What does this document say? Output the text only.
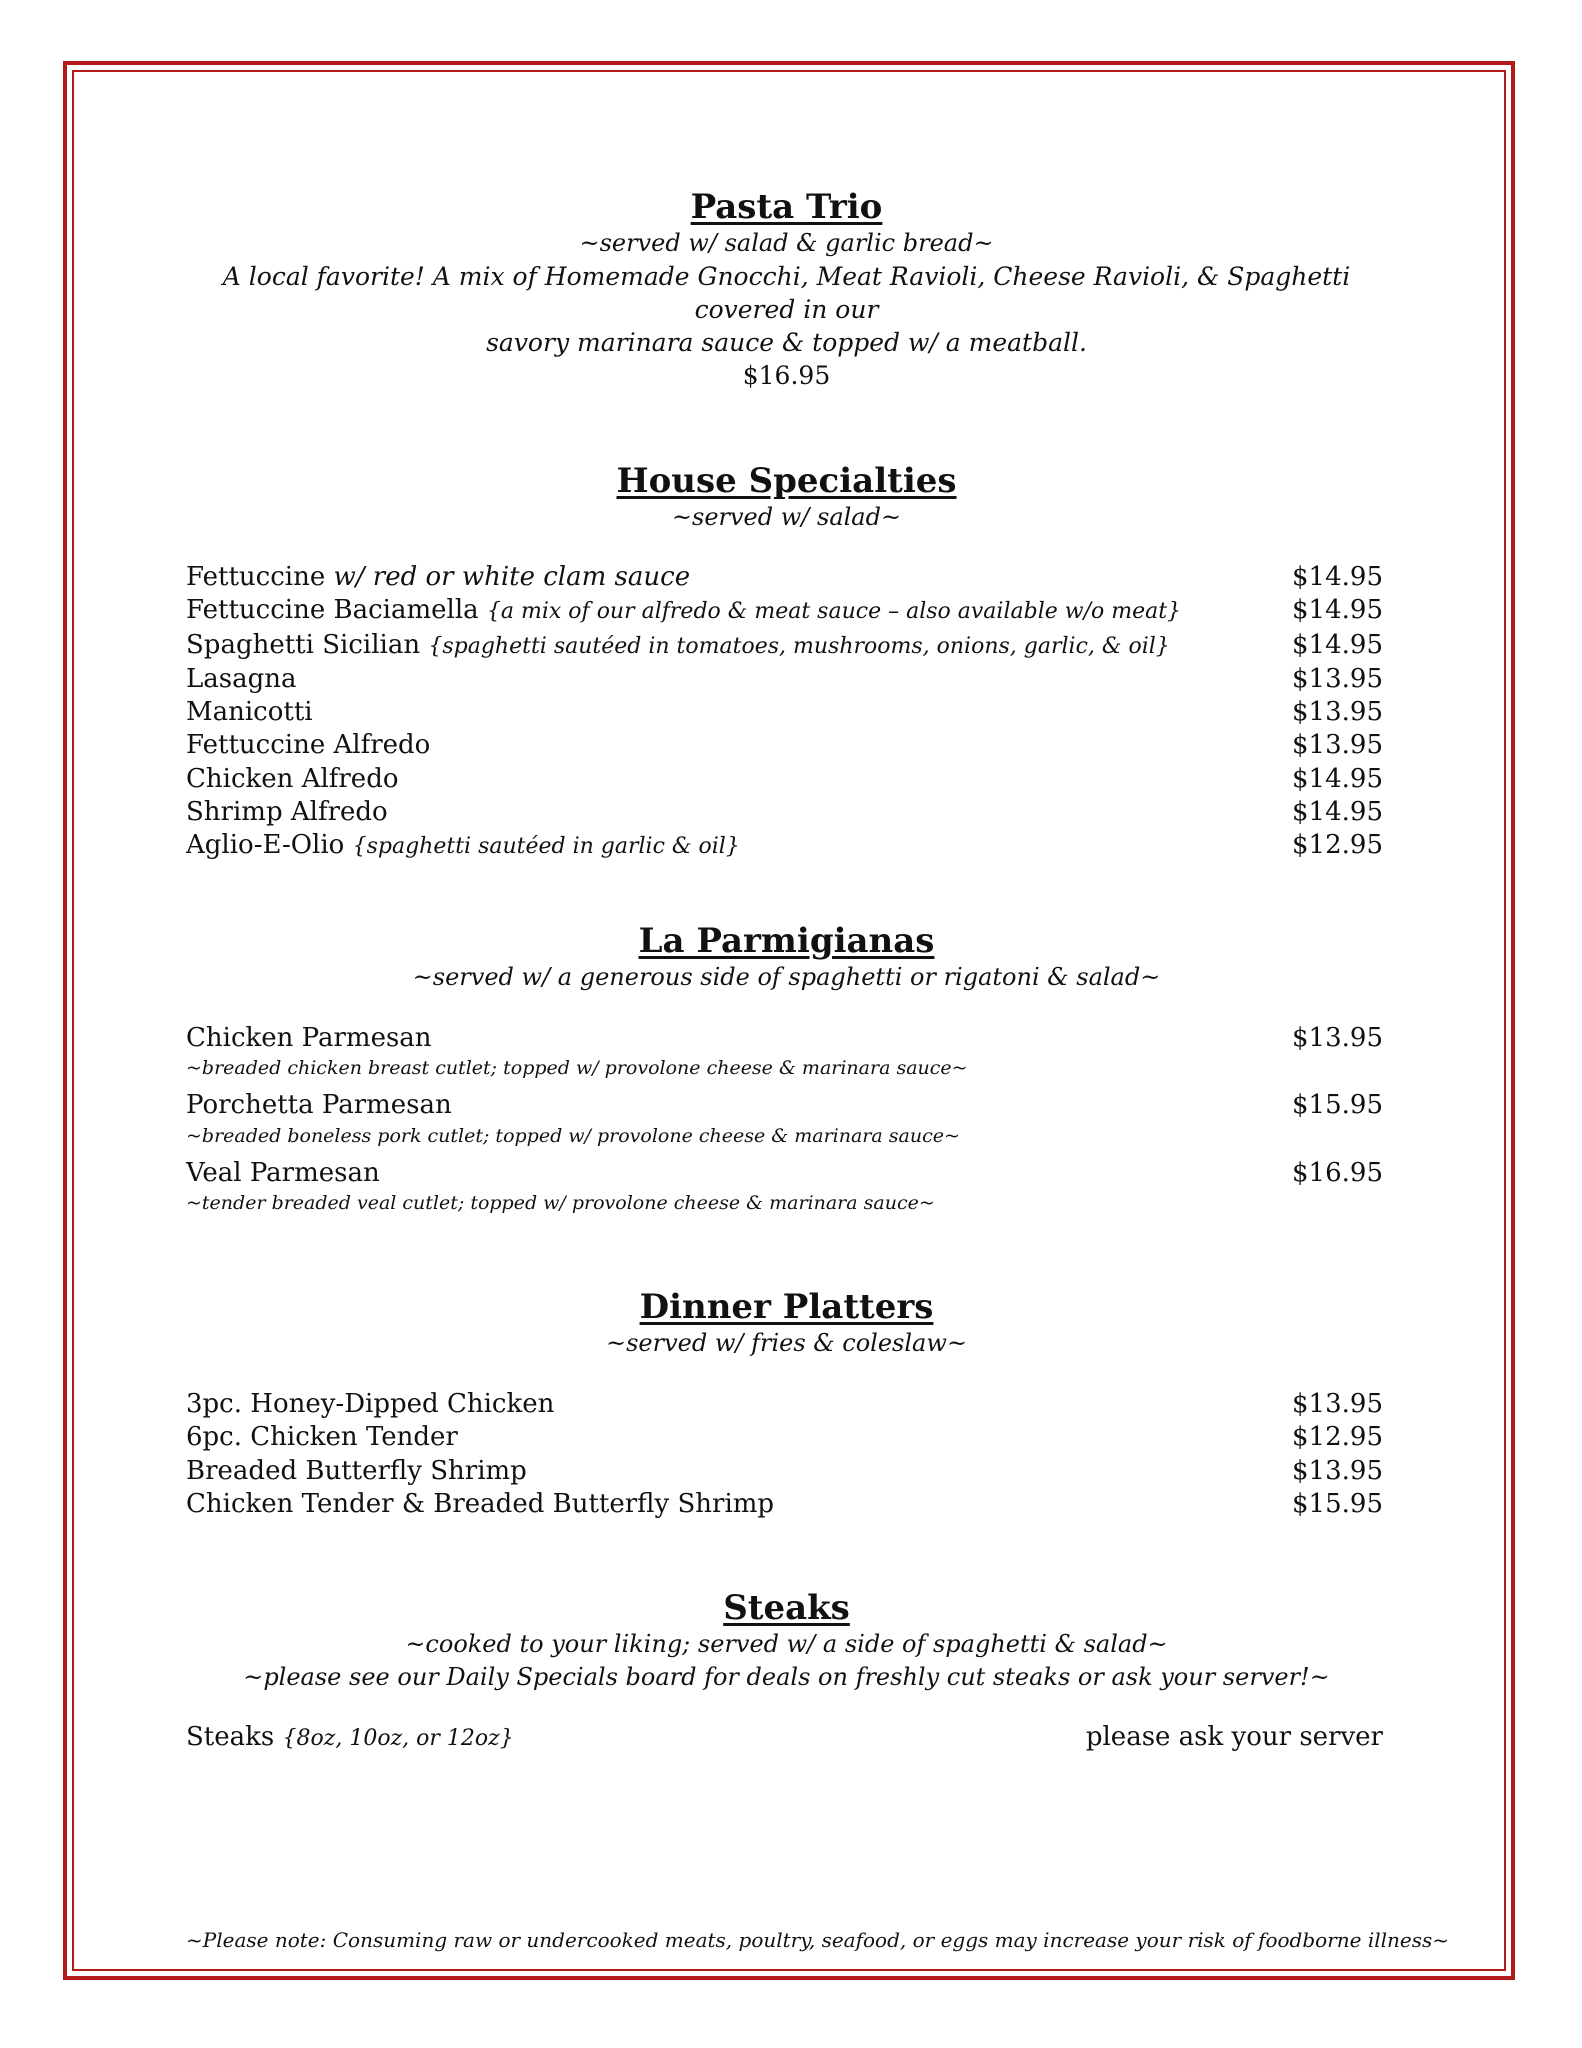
Pasta Trio
~served w/ salad & garlic bread~
A local favorite! A mix of Homemade Gnocchi, Meat Ravioli, Cheese Ravioli, & Spaghetti covered in our
savory marinara sauce & topped w/ a meatball.
$16.95
House Specialties
~served w/ salad~
Fettuccine w/ red or white clam sauce	$14.95
Fettuccine Baciamella {a mix of our alfredo & meat sauce – also available w/o meat}	$14.95
Spaghetti Sicilian {spaghetti sautéed in tomatoes, mushrooms, onions, garlic, & oil}	$14.95
Lasagna	$13.95
Manicotti	$13.95
Fettuccine Alfredo	$13.95
Chicken Alfredo	$14.95
Shrimp Alfredo	$14.95
Aglio-E-Olio {spaghetti sautéed in garlic & oil}	$12.95
La Parmigianas
~served w/ a generous side of spaghetti or rigatoni & salad~
Chicken Parmesan	$13.95
~breaded chicken breast cutlet; topped w/ provolone cheese & marinara sauce~
Porchetta Parmesan	$15.95
~breaded boneless pork cutlet; topped w/ provolone cheese & marinara sauce~
Veal Parmesan	$16.95
~tender breaded veal cutlet; topped w/ provolone cheese & marinara sauce~
Dinner Platters
~served w/ fries & coleslaw~
3pc. Honey-Dipped Chicken	$13.95
6pc. Chicken Tender	$12.95
Breaded Butterfly Shrimp	$13.95
Chicken Tender & Breaded Butterfly Shrimp	$15.95
Steaks
~cooked to your liking; served w/ a side of spaghetti & salad~
~please see our Daily Specials board for deals on freshly cut steaks or ask your server!~
Steaks {8oz, 10oz, or 12oz}	please ask your server
~Please note: Consuming raw or undercooked meats, poultry, seafood, or eggs may increase your risk of foodborne illness~
